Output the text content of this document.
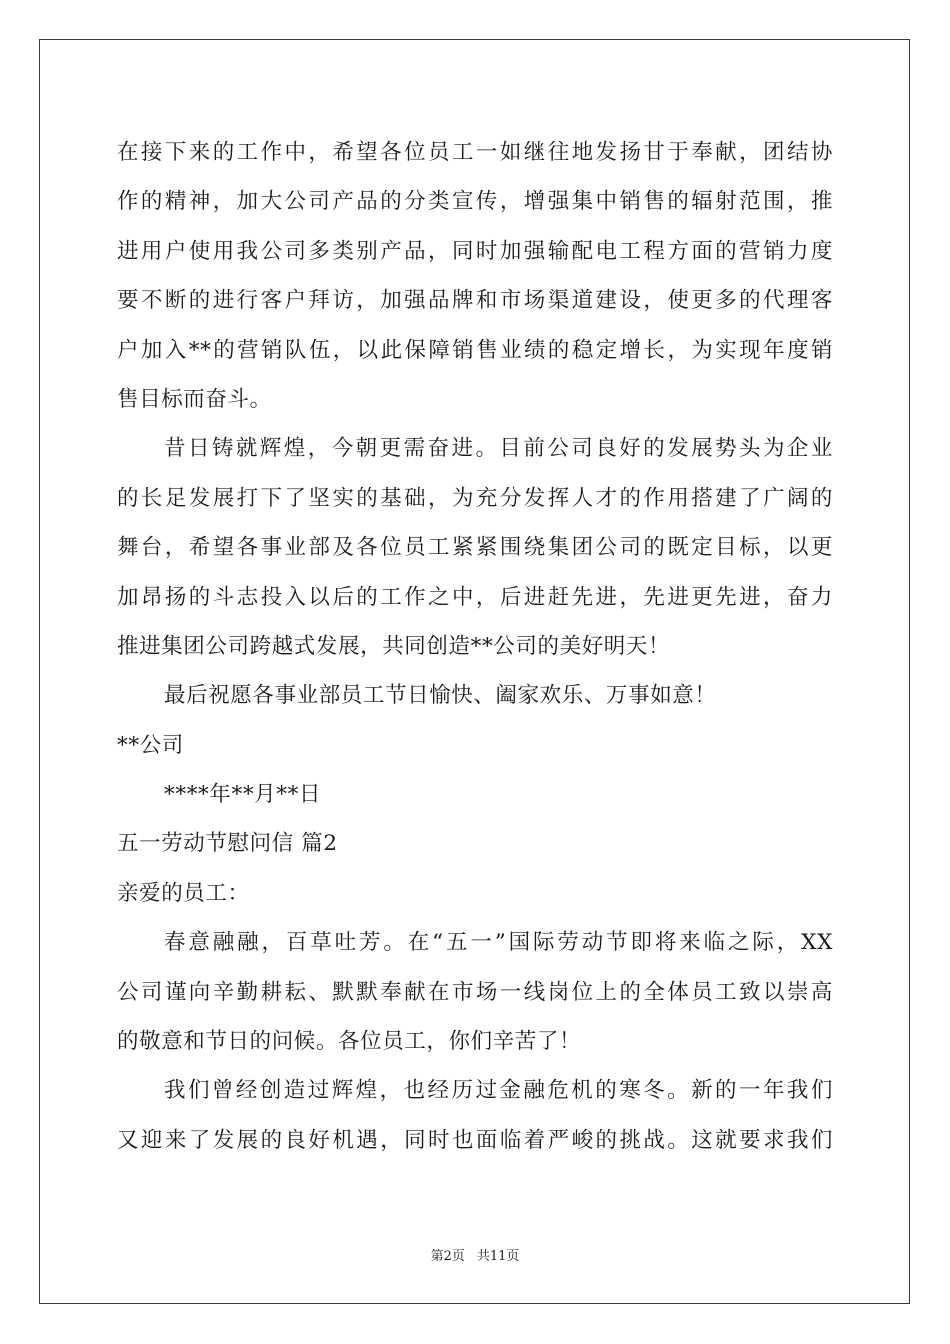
在接下来的工作中，希望各位员工一如继往地发扬甘于奉献，团结协
作的精神，加大公司产品的分类宣传，增强集中销售的辐射范围，推
进用户使用我公司多类别产品，同时加强输配电工程方面的营销力度
要不断的进行客户拜访，加强品牌和市场渠道建设，使更多的代理客
户加入**的营销队伍，以此保障销售业绩的稳定增长，为实现年度销
售目标而奋斗。
昔日铸就辉煌，今朝更需奋进。目前公司良好的发展势头为企业
的长足发展打下了坚实的基础，为充分发挥人才的作用搭建了广阔的
舞台，希望各事业部及各位员工紧紧围绕集团公司的既定目标，以更
加昂扬的斗志投入以后的工作之中，后进赶先进，先进更先进，奋力
推进集团公司跨越式发展，共同创造**公司的美好明天！
最后祝愿各事业部员工节日愉快、阖家欢乐、万事如意！
**公司
****年**月**日
五一劳动节慰问信 篇2
亲爱的员工：
春意融融，百草吐芳。在“五一”国际劳动节即将来临之际，XX
公司谨向辛勤耕耘、默默奉献在市场一线岗位上的全体员工致以崇高
的敬意和节日的问候。各位员工，你们辛苦了！
我们曾经创造过辉煌，也经历过金融危机的寒冬。新的一年我们
又迎来了发展的良好机遇，同时也面临着严峻的挑战。这就要求我们
第2页 共11页
